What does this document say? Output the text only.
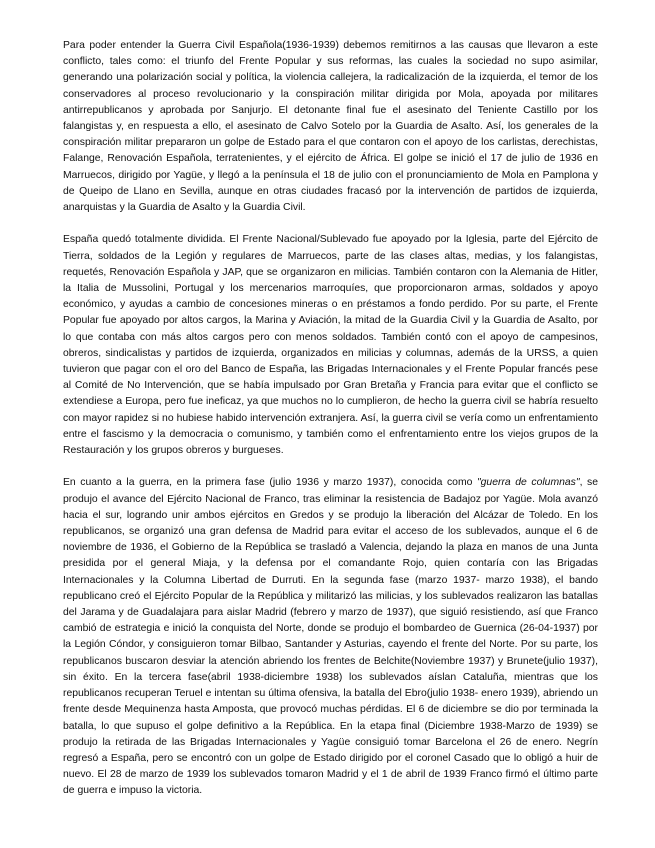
Para poder entender la Guerra Civil Española(1936-1939) debemos remitirnos a las causas que llevaron a este conflicto, tales como: el triunfo del Frente Popular y sus reformas, las cuales la sociedad no supo asimilar, generando una polarización social y política, la violencia callejera, la radicalización de la izquierda, el temor de los conservadores al proceso revolucionario y la conspiración militar dirigida por Mola, apoyada por militares antirrepublicanos y aprobada por Sanjurjo. El detonante final fue el asesinato del Teniente Castillo por los falangistas y, en respuesta a ello, el asesinato de Calvo Sotelo por la Guardia de Asalto. Así, los generales de la conspiración militar prepararon un golpe de Estado para el que contaron con el apoyo de los carlistas, derechistas, Falange, Renovación Española, terratenientes, y el ejército de África. El golpe se inició el 17 de julio de 1936 en Marruecos, dirigido por Yagüe, y llegó a la península el 18 de julio con el pronunciamiento de Mola en Pamplona y de Queipo de Llano en Sevilla, aunque en otras ciudades fracasó por la intervención de partidos de izquierda, anarquistas y la Guardia de Asalto y la Guardia Civil.

España quedó totalmente dividida. El Frente Nacional/Sublevado fue apoyado por la Iglesia, parte del Ejército de Tierra, soldados de la Legión y regulares de Marruecos, parte de las clases altas, medias, y los falangistas, requetés, Renovación Española y JAP, que se organizaron en milicias. También contaron con la Alemania de Hitler, la Italia de Mussolini, Portugal y los mercenarios marroquíes, que proporcionaron armas, soldados y apoyo económico, y ayudas a cambio de concesiones mineras o en préstamos a fondo perdido. Por su parte, el Frente Popular fue apoyado por altos cargos, la Marina y Aviación, la mitad de la Guardia Civil y la Guardia de Asalto, por lo que contaba con más altos cargos pero con menos soldados. También contó con el apoyo de campesinos, obreros, sindicalistas y partidos de izquierda, organizados en milicias y columnas, además de la URSS, a quien tuvieron que pagar con el oro del Banco de España, las Brigadas Internacionales y el Frente Popular francés pese al Comité de No Intervención, que se había impulsado por Gran Bretaña y Francia para evitar que el conflicto se extendiese a Europa, pero fue ineficaz, ya que muchos no lo cumplieron, de hecho la guerra civil se habría resuelto con mayor rapidez si no hubiese habido intervención extranjera. Así, la guerra civil se vería como un enfrentamiento entre el fascismo y la democracia o comunismo, y también como el enfrentamiento entre los viejos grupos de la Restauración y los grupos obreros y burgueses.

En cuanto a la guerra, en la primera fase (julio 1936 y marzo 1937), conocida como "guerra de columnas", se produjo el avance del Ejército Nacional de Franco, tras eliminar la resistencia de Badajoz por Yagüe. Mola avanzó hacia el sur, logrando unir ambos ejércitos en Gredos y se produjo la liberación del Alcázar de Toledo. En los republicanos, se organizó una gran defensa de Madrid para evitar el acceso de los sublevados, aunque el 6 de noviembre de 1936, el Gobierno de la República se trasladó a Valencia, dejando la plaza en manos de una Junta presidida por el general Miaja, y la defensa por el comandante Rojo, quien contaría con las Brigadas Internacionales y la Columna Libertad de Durruti. En la segunda fase (marzo 1937- marzo 1938), el bando republicano creó el Ejército Popular de la República y militarizó las milicias, y los sublevados realizaron las batallas del Jarama y de Guadalajara para aislar Madrid (febrero y marzo de 1937), que siguió resistiendo, así que Franco cambió de estrategia e inició la conquista del Norte, donde se produjo el bombardeo de Guernica (26-04-1937) por la Legión Cóndor, y consiguieron tomar Bilbao, Santander y Asturias, cayendo el frente del Norte. Por su parte, los republicanos buscaron desviar la atención abriendo los frentes de Belchite(Noviembre 1937) y Brunete(julio 1937), sin éxito. En la tercera fase(abril 1938-diciembre 1938) los sublevados aíslan Cataluña, mientras que los republicanos recuperan Teruel e intentan su última ofensiva, la batalla del Ebro(julio 1938- enero 1939), abriendo un frente desde Mequinenza hasta Amposta, que provocó muchas pérdidas. El 6 de diciembre se dio por terminada la batalla, lo que supuso el golpe definitivo a la República. En la etapa final (Diciembre 1938-Marzo de 1939) se produjo la retirada de las Brigadas Internacionales y Yagüe consiguió tomar Barcelona el 26 de enero. Negrín regresó a España, pero se encontró con un golpe de Estado dirigido por el coronel Casado que lo obligó a huir de nuevo. El 28 de marzo de 1939 los sublevados tomaron Madrid y el 1 de abril de 1939 Franco firmó el último parte de guerra e impuso la victoria.
